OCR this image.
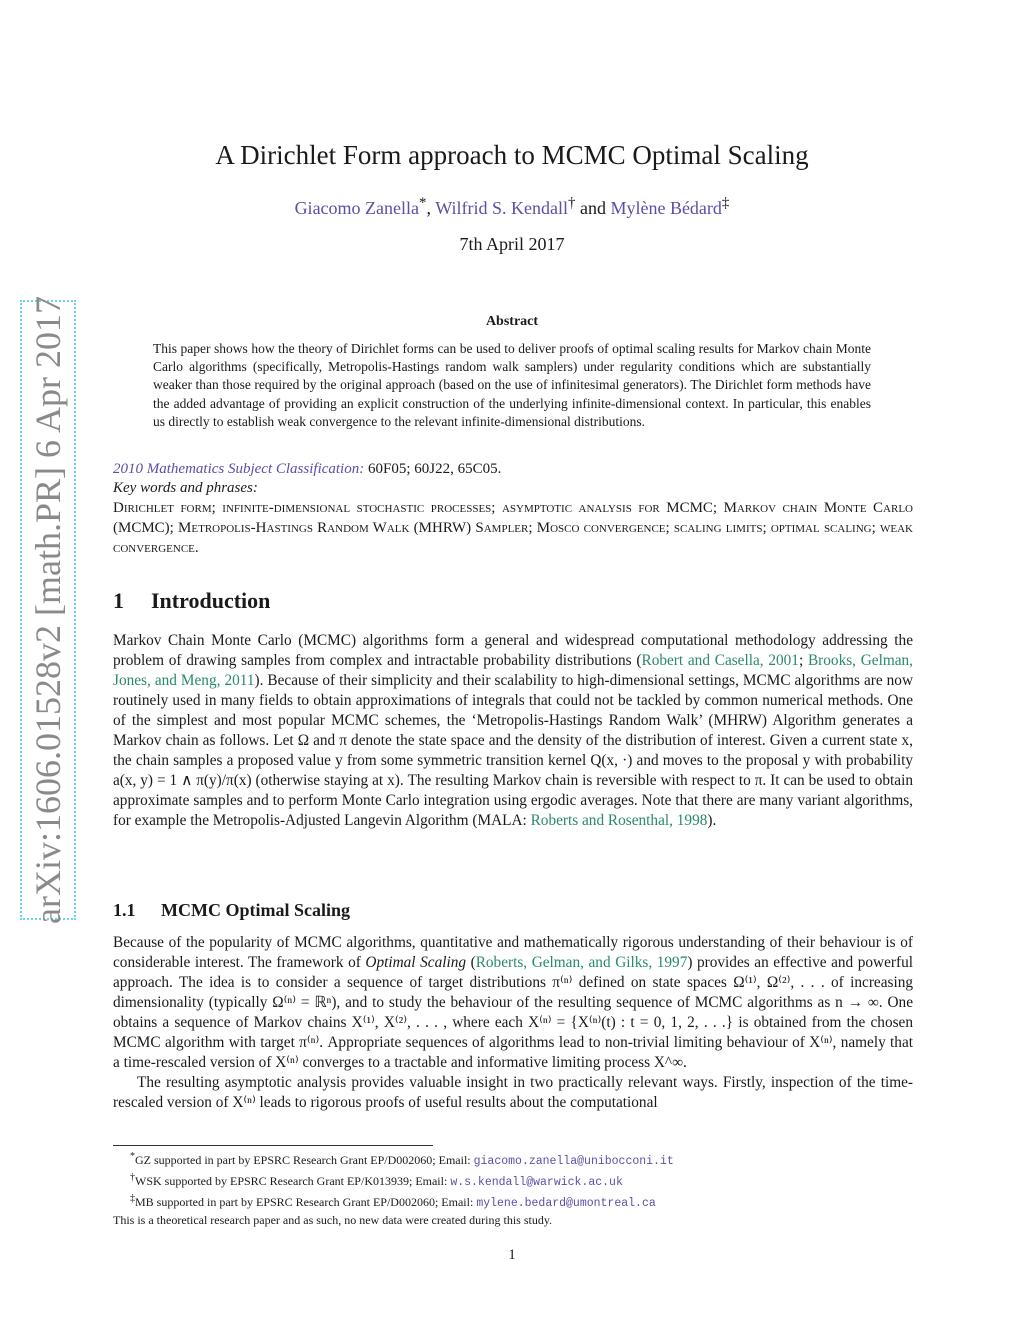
arXiv:1606.01528v2 [math.PR] 6 Apr 2017
A Dirichlet Form approach to MCMC Optimal Scaling
Giacomo Zanella*, Wilfrid S. Kendall† and Mylène Bédard‡
7th April 2017
Abstract
This paper shows how the theory of Dirichlet forms can be used to deliver proofs of optimal scaling results for Markov chain Monte Carlo algorithms (specifically, Metropolis-Hastings random walk samplers) under regularity conditions which are substantially weaker than those required by the original approach (based on the use of infinitesimal generators). The Dirichlet form methods have the added advantage of providing an explicit construction of the underlying infinite-dimensional context. In particular, this enables us directly to establish weak convergence to the relevant infinite-dimensional distributions.
2010 Mathematics Subject Classification: 60F05; 60J22, 65C05.
Key words and phrases:
Dirichlet form; infinite-dimensional stochastic processes; asymptotic analysis for MCMC; Markov chain Monte Carlo (MCMC); Metropolis-Hastings Random Walk (MHRW) Sampler; Mosco convergence; scaling limits; optimal scaling; weak convergence.
1 Introduction
Markov Chain Monte Carlo (MCMC) algorithms form a general and widespread computational methodology addressing the problem of drawing samples from complex and intractable probability distributions (Robert and Casella, 2001; Brooks, Gelman, Jones, and Meng, 2011). Because of their simplicity and their scalability to high-dimensional settings, MCMC algorithms are now routinely used in many fields to obtain approximations of integrals that could not be tackled by common numerical methods. One of the simplest and most popular MCMC schemes, the ‘Metropolis-Hastings Random Walk’ (MHRW) Algorithm generates a Markov chain as follows. Let Ω and π denote the state space and the density of the distribution of interest. Given a current state x, the chain samples a proposed value y from some symmetric transition kernel Q(x, ·) and moves to the proposal y with probability a(x, y) = 1 ∧ π(y)/π(x) (otherwise staying at x). The resulting Markov chain is reversible with respect to π. It can be used to obtain approximate samples and to perform Monte Carlo integration using ergodic averages. Note that there are many variant algorithms, for example the Metropolis-Adjusted Langevin Algorithm (MALA: Roberts and Rosenthal, 1998).
1.1 MCMC Optimal Scaling

Because of the popularity of MCMC algorithms, quantitative and mathematically rigorous understanding of their behaviour is of considerable interest. The framework of Optimal Scaling (Roberts, Gelman, and Gilks, 1997) provides an effective and powerful approach. The idea is to consider a sequence of target distributions π⁽ⁿ⁾ defined on state spaces Ω⁽¹⁾, Ω⁽²⁾, . . . of increasing dimensionality (typically Ω⁽ⁿ⁾ = ℝⁿ), and to study the behaviour of the resulting sequence of MCMC algorithms as n → ∞. One obtains a sequence of Markov chains X⁽¹⁾, X⁽²⁾, . . . , where each X⁽ⁿ⁾ = {X⁽ⁿ⁾(t) : t = 0, 1, 2, . . .} is obtained from the chosen MCMC algorithm with target π⁽ⁿ⁾. Appropriate sequences of algorithms lead to non-trivial limiting behaviour of X⁽ⁿ⁾, namely that a time-rescaled version of X⁽ⁿ⁾ converges to a tractable and informative limiting process X^∞.

The resulting asymptotic analysis provides valuable insight in two practically relevant ways. Firstly, inspection of the time-rescaled version of X⁽ⁿ⁾ leads to rigorous proofs of useful results about the computational

*GZ supported in part by EPSRC Research Grant EP/D002060; Email: giacomo.zanella@unibocconi.it
†WSK supported by EPSRC Research Grant EP/K013939; Email: w.s.kendall@warwick.ac.uk
‡MB supported in part by EPSRC Research Grant EP/D002060; Email: mylene.bedard@umontreal.ca
This is a theoretical research paper and as such, no new data were created during this study.
1
